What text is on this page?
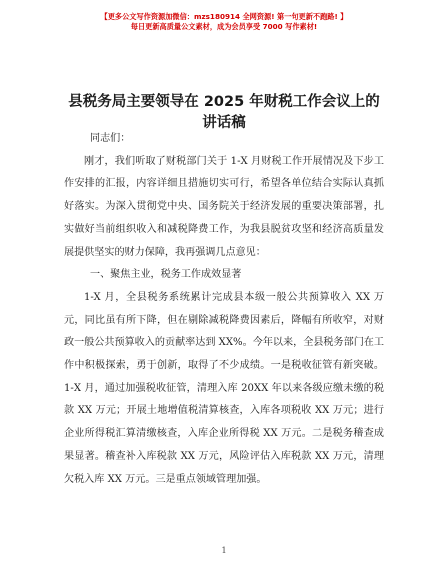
【更多公文写作资源加微信：mzs180914 全网资源! 第一句更新不跑路! 】
每日更新高质量公文素材，成为会员享受 7000 写作素材!
县税务局主要领导在 2025 年财税工作会议上的
讲话稿

同志们：

刚才，我们听取了财税部门关于 1-X 月财税工作开展情况及下步工作安排的汇报，内容详细且措施切实可行，希望各单位结合实际认真抓好落实。为深入贯彻党中央、国务院关于经济发展的重要决策部署，扎实做好当前组织收入和减税降费工作，为我县脱贫攻坚和经济高质量发展提供坚实的财力保障，我再强调几点意见：

一、聚焦主业，税务工作成效显著

1-X 月，全县税务系统累计完成县本级一般公共预算收入 XX 万元，同比虽有所下降，但在剔除减税降费因素后，降幅有所收窄，对财政一般公共预算收入的贡献率达到 XX%。今年以来，全县税务部门在工作中积极探索，勇于创新，取得了不少成绩。一是税收征管有新突破。1-X 月，通过加强税收征管，清理入库 20XX 年以来各级应缴未缴的税款 XX 万元；开展土地增值税清算核查，入库各项税收 XX 万元；进行企业所得税汇算清缴核查，入库企业所得税 XX 万元。二是税务稽查成果显著。稽查补入库税款 XX 万元，风险评估入库税款 XX 万元，清理欠税入库 XX 万元。三是重点领域管理加强。

1
